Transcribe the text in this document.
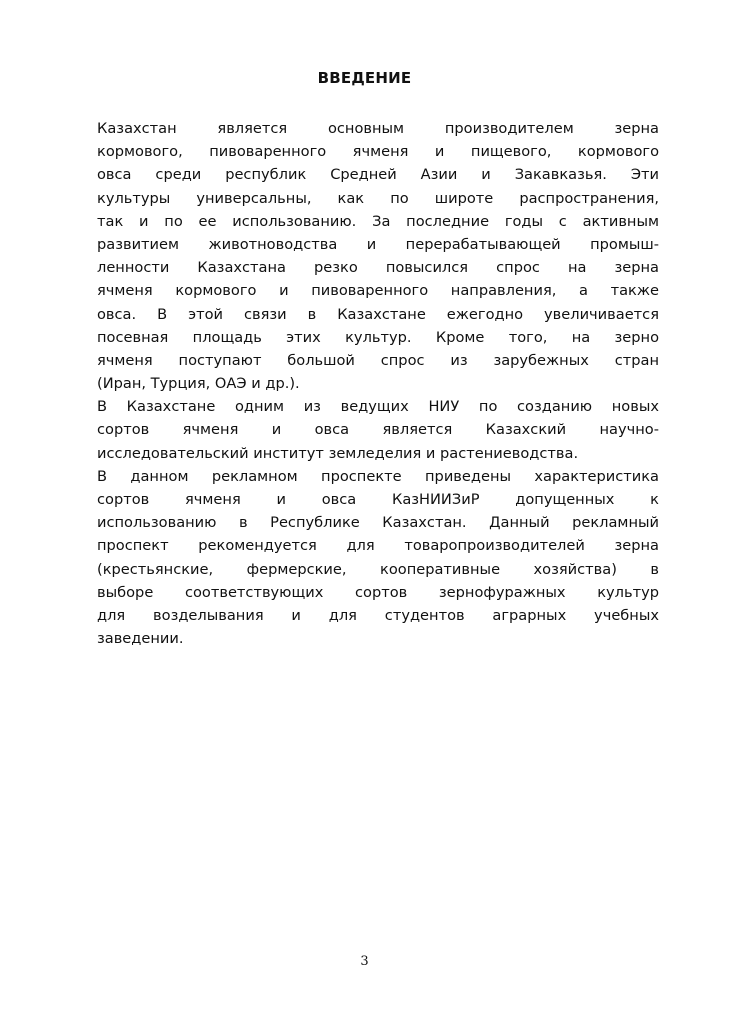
ВВЕДЕНИЕ
Казахстан является основным производителем зерна
кормового, пивоваренного ячменя и пищевого, кормового
овса среди республик Средней Азии и Закавказья. Эти
культуры универсальны, как по широте распространения,
так и по ее использованию. За последние годы с активным
развитием животноводства и перерабатывающей промыш-
ленности Казахстана резко повысился спрос на зерна
ячменя кормового и пивоваренного направления, а также
овса. В этой связи в Казахстане ежегодно увеличивается
посевная площадь этих культур. Кроме того, на зерно
ячменя поступают большой спрос из зарубежных стран
(Иран, Турция, ОАЭ и др.).
В Казахстане одним из ведущих НИУ по созданию новых
сортов ячменя и овса является Казахский научно-
исследовательский институт земледелия и растениеводства.
В данном рекламном проспекте приведены характеристика
сортов ячменя и овса КазНИИЗиР допущенных к
использованию в Республике Казахстан. Данный рекламный
проспект рекомендуется для товаропроизводителей зерна
(крестьянские, фермерские, кооперативные хозяйства) в
выборе соответствующих сортов зернофуражных культур
для возделывания и для студентов аграрных учебных
заведении.
3
